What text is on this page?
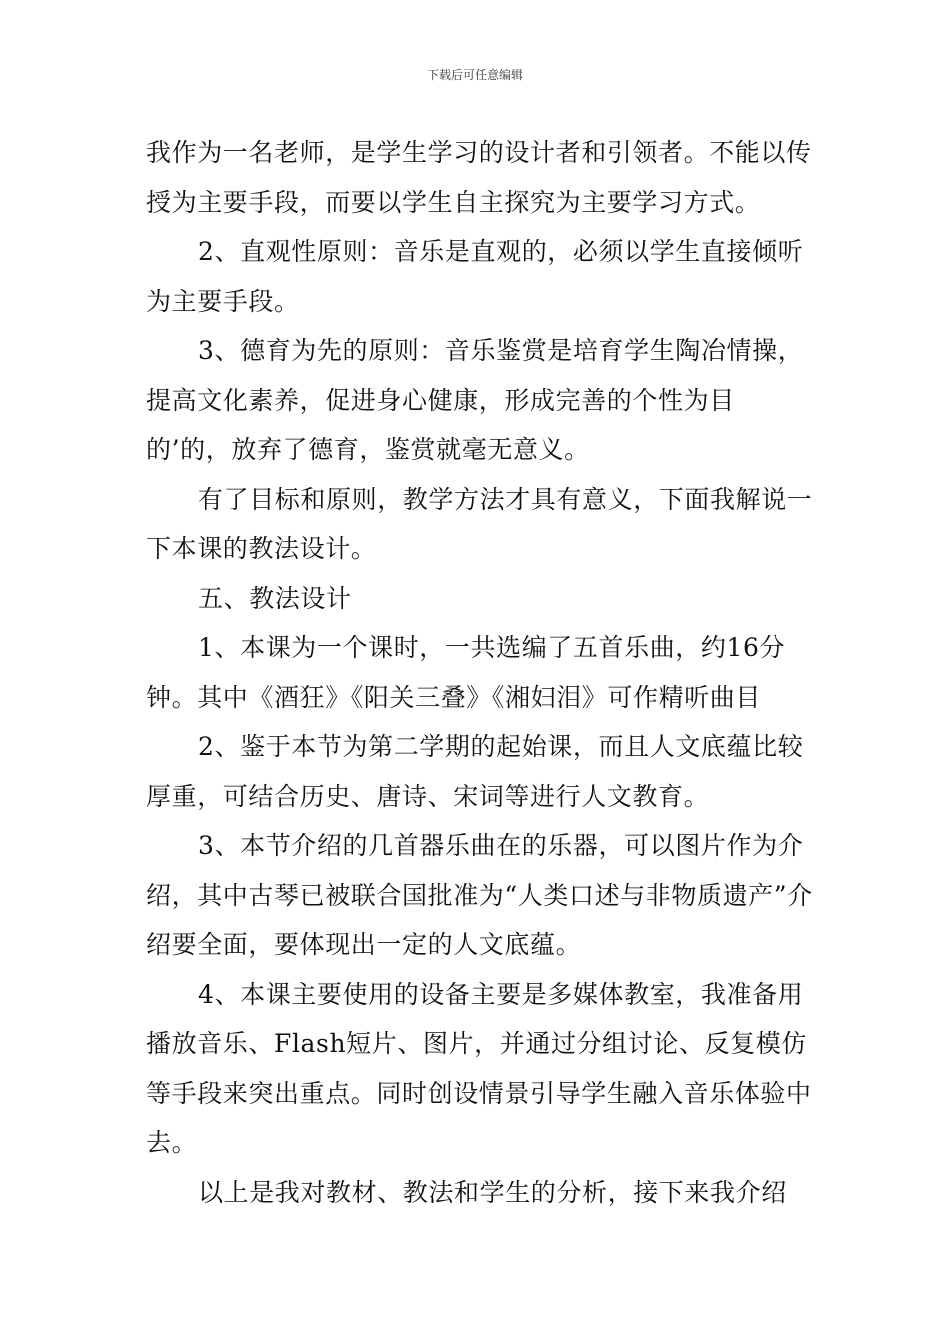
下载后可任意编辑

我作为一名老师，是学生学习的设计者和引领者。不能以传授为主要手段，而要以学生自主探究为主要学习方式。

2、直观性原则：音乐是直观的，必须以学生直接倾听为主要手段。

3、德育为先的原则：音乐鉴赏是培育学生陶冶情操，提高文化素养，促进身心健康，形成完善的个性为目的’的，放弃了德育，鉴赏就毫无意义。

有了目标和原则，教学方法才具有意义，下面我解说一下本课的教法设计。

五、教法设计

1、本课为一个课时，一共选编了五首乐曲，约16分钟。其中《酒狂》《阳关三叠》《湘妇泪》可作精听曲目

2、鉴于本节为第二学期的起始课，而且人文底蕴比较厚重，可结合历史、唐诗、宋词等进行人文教育。

3、本节介绍的几首器乐曲在的乐器，可以图片作为介绍，其中古琴已被联合国批准为“人类口述与非物质遗产”介绍要全面，要体现出一定的人文底蕴。

4、本课主要使用的设备主要是多媒体教室，我准备用播放音乐、Flash短片、图片，并通过分组讨论、反复模仿等手段来突出重点。同时创设情景引导学生融入音乐体验中去。

以上是我对教材、教法和学生的分析，接下来我介绍
